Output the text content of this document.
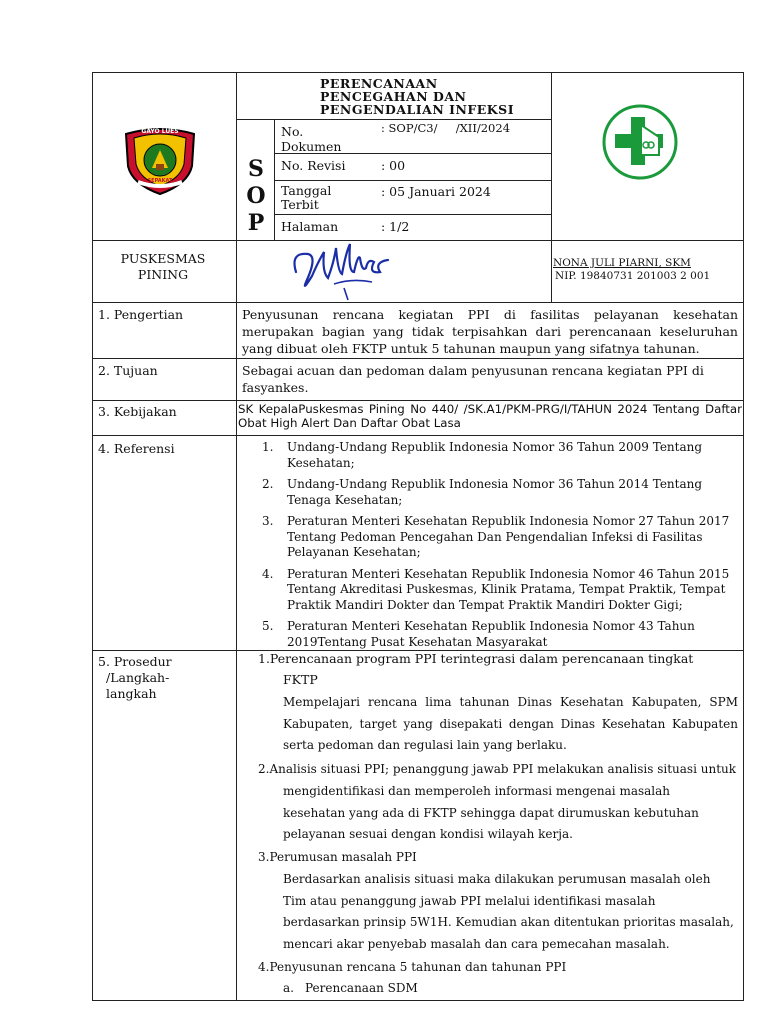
GAYO LUES
SEPAKAT
PERENCANAAN PENCEGAHAN DAN PENGENDALIAN INFEKSI
S
O
P
No. Dokumen
: SOP/C3/     /XII/2024
No. Revisi	: 00
Tanggal Terbit
: 05 Januari 2024
Halaman	: 1/2
PUSKESMAS PINING
NONA JULI PIARNI, SKM
NIP. 19840731 201003 2 001
1. Pengertian	Penyusunan rencana kegiatan PPI di fasilitas pelayanan kesehatan merupakan bagian yang tidak terpisahkan dari perencanaan keseluruhan yang dibuat oleh FKTP untuk 5 tahunan maupun yang sifatnya tahunan.
2. Tujuan	Sebagai acuan dan pedoman dalam penyusunan rencana kegiatan PPI di fasyankes.
3. Kebijakan	SK KepalaPuskesmas Pining No 440/ /SK.A1/PKM-PRG/I/TAHUN 2024 Tentang Daftar Obat High Alert Dan Daftar Obat Lasa
4. Referensi	1. Undang-Undang Republik Indonesia Nomor 36 Tahun 2009 Tentang Kesehatan;
2. Undang-Undang Republik Indonesia Nomor 36 Tahun 2014 Tentang Tenaga Kesehatan;
3. Peraturan Menteri Kesehatan Republik Indonesia Nomor 27 Tahun 2017 Tentang Pedoman Pencegahan Dan Pengendalian Infeksi di Fasilitas Pelayanan Kesehatan;
4. Peraturan Menteri Kesehatan Republik Indonesia Nomor 46 Tahun 2015 Tentang Akreditasi Puskesmas, Klinik Pratama, Tempat Praktik, Tempat Praktik Mandiri Dokter dan Tempat Praktik Mandiri Dokter Gigi;
5. Peraturan Menteri Kesehatan Republik Indonesia Nomor 43 Tahun 2019Tentang Pusat Kesehatan Masyarakat
5. Prosedur
/Langkah-
langkah
1.Perencanaan program PPI terintegrasi dalam perencanaan tingkat
FKTP
Mempelajari rencana lima tahunan Dinas Kesehatan Kabupaten, SPM Kabupaten, target yang disepakati dengan Dinas Kesehatan Kabupaten serta pedoman dan regulasi lain yang berlaku.
2.Analisis situasi PPI; penanggung jawab PPI melakukan analisis situasi untuk
mengidentifikasi dan memperoleh informasi mengenai masalah kesehatan yang ada di FKTP sehingga dapat dirumuskan kebutuhan pelayanan sesuai dengan kondisi wilayah kerja.
3.Perumusan masalah PPI
Berdasarkan analisis situasi maka dilakukan perumusan masalah oleh Tim atau penanggung jawab PPI melalui identifikasi masalah berdasarkan prinsip 5W1H. Kemudian akan ditentukan prioritas masalah, mencari akar penyebab masalah dan cara pemecahan masalah.
4.Penyusunan rencana 5 tahunan dan tahunan PPI
a. Perencanaan SDM
